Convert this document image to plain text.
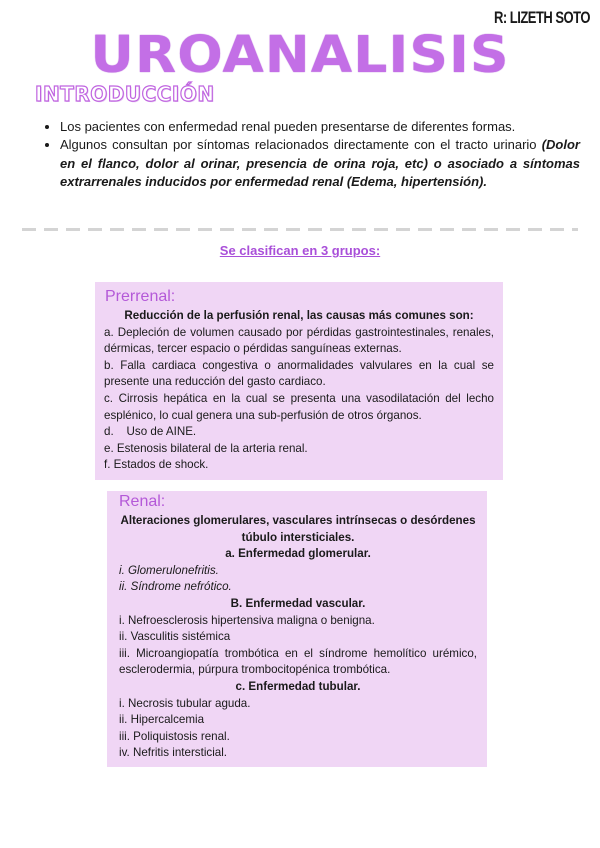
R: LIZETH SOTO
UROANALISIS
INTRODUCCIÓN
• Los pacientes con enfermedad renal pueden presentarse de diferentes formas.
• Algunos consultan por síntomas relacionados directamente con el tracto urinario (Dolor en el flanco, dolor al orinar, presencia de orina roja, etc) o asociado a síntomas extrarrenales inducidos por enfermedad renal (Edema, hipertensión).
Se clasifican en 3 grupos:
Prerrenal:
Reducción de la perfusión renal, las causas más comunes son:
a. Depleción de volumen causado por pérdidas gastrointestinales, renales, dérmicas, tercer espacio o pérdidas sanguíneas externas.
b. Falla cardiaca congestiva o anormalidades valvulares en la cual se presente una reducción del gasto cardiaco.
c. Cirrosis hepática en la cual se presenta una vasodilatación del lecho esplénico, lo cual genera una sub-perfusión de otros órganos.
d.    Uso de AINE.
e. Estenosis bilateral de la arteria renal.
f. Estados de shock.
Renal:
Alteraciones glomerulares, vasculares intrínsecas o desórdenes túbulo intersticiales.
a. Enfermedad glomerular.
i. Glomerulonefritis.
ii. Síndrome nefrótico.
B. Enfermedad vascular.
i. Nefroesclerosis hipertensiva maligna o benigna.
ii. Vasculitis sistémica
iii. Microangiopatía trombótica en el síndrome hemolítico urémico, esclerodermia, púrpura trombocitopénica trombótica.
c. Enfermedad tubular.
i. Necrosis tubular aguda.
ii. Hipercalcemia
iii. Poliquistosis renal.
iv. Nefritis intersticial.
